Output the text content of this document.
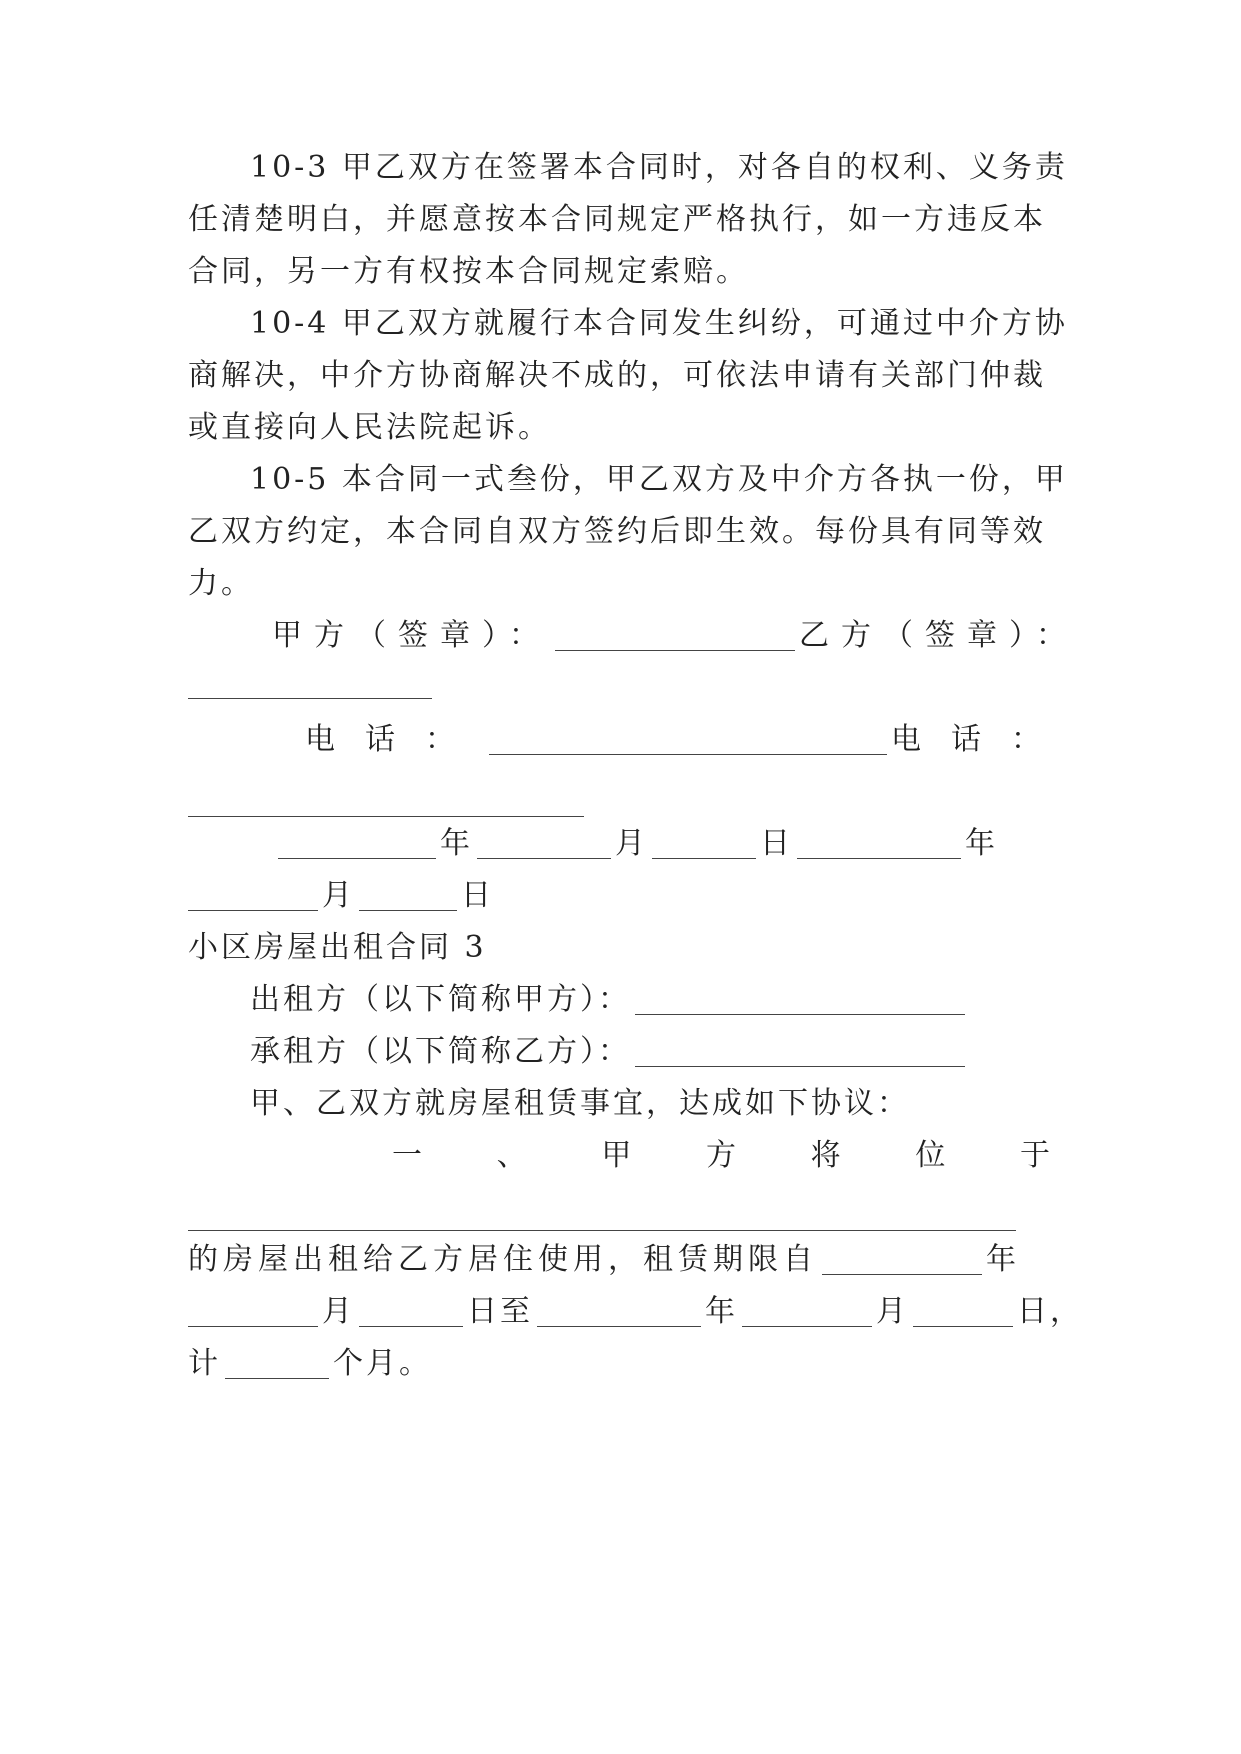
10-3 甲乙双方在签署本合同时，对各自的权利、义务责
任清楚明白，并愿意按本合同规定严格执行，如一方违反本
合同，另一方有权按本合同规定索赔。
10-4 甲乙双方就履行本合同发生纠纷，可通过中介方协
商解决，中介方协商解决不成的，可依法申请有关部门仲裁
或直接向人民法院起诉。
10-5 本合同一式叁份，甲乙双方及中介方各执一份，甲
乙双方约定，本合同自双方签约后即生效。每份具有同等效
力。
甲方（签章）：	乙方（签章）：
电话：	电话：
年	月	日	年
月	日
小区房屋出租合同 3
出租方（以下简称甲方）：
承租方（以下简称乙方）：
甲、乙双方就房屋租赁事宜，达成如下协议：
一、甲方将位于
的房屋出租给乙方居住使用，租赁期限自	年
月	日至	年	月	日，
计	个月。
